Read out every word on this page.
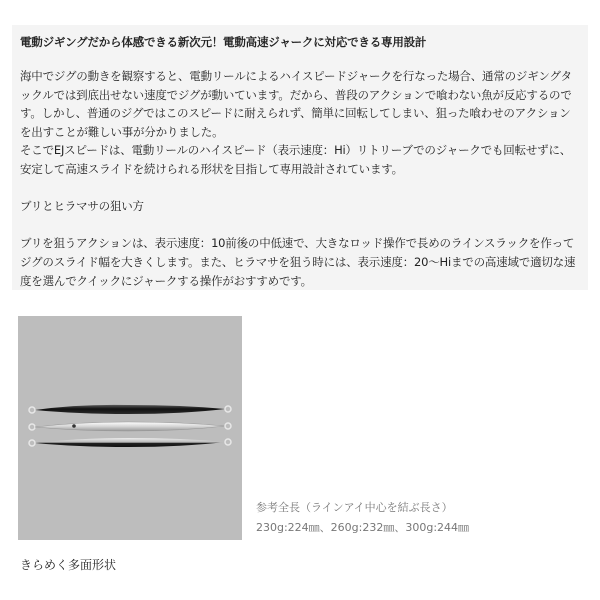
電動ジギングだから体感できる新次元！電動高速ジャークに対応できる専用設計

海中でジグの動きを観察すると、電動リールによるハイスピードジャークを行なった場合、通常のジギングタックルでは到底出せない速度でジグが動いています。だから、普段のアクションで喰わない魚が反応するのです。しかし、普通のジグではこのスピードに耐えられず、簡単に回転してしまい、狙った喰わせのアクションを出すことが難しい事が分かりました。
そこでEJスピードは、電動リールのハイスピード（表示速度：Hi）リトリーブでのジャークでも回転せずに、安定して高速スライドを続けられる形状を目指して専用設計されています。

ブリとヒラマサの狙い方

ブリを狙うアクションは、表示速度：10前後の中低速で、大きなロッド操作で長めのラインスラックを作ってジグのスライド幅を大きくします。また、ヒラマサを狙う時には、表示速度：20〜Hiまでの高速域で適切な速度を選んでクイックにジャークする操作がおすすめです。

参考全長（ラインアイ中心を結ぶ長さ）
230g:224㎜、260g:232㎜、300g:244㎜
きらめく多面形状
